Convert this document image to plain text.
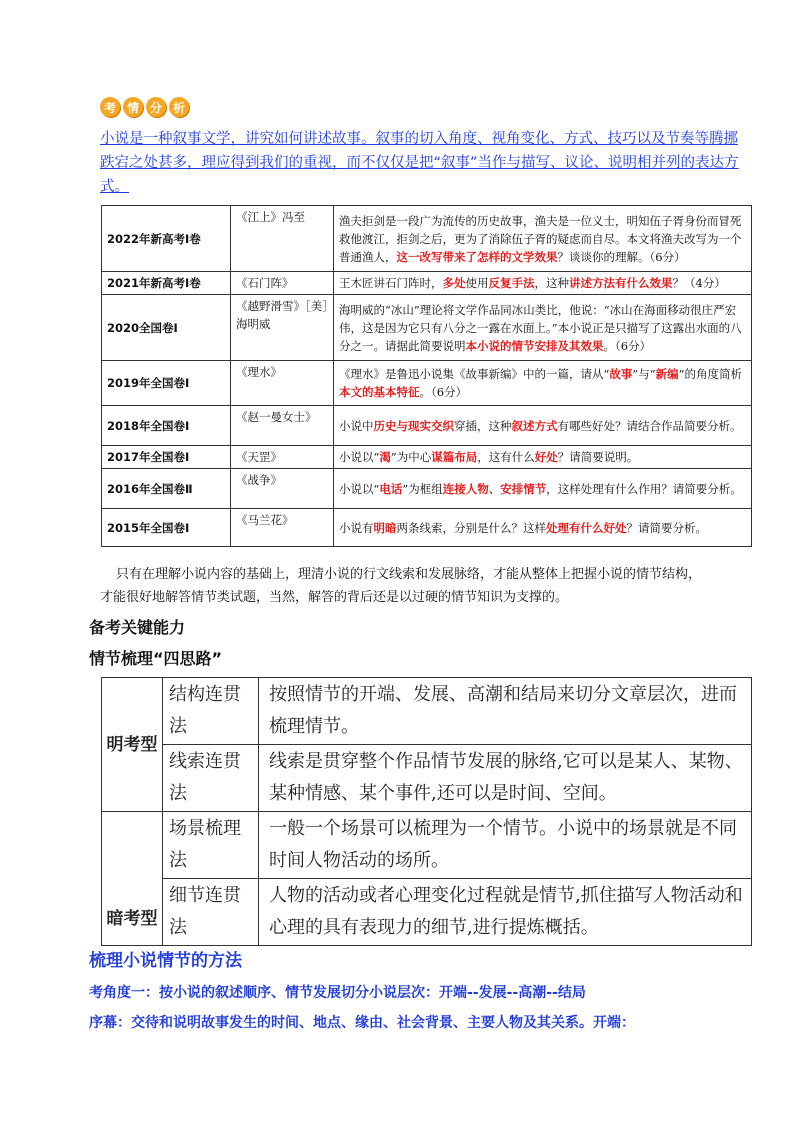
考 情 分 析

小说是一种叙事文学，讲究如何讲述故事。叙事的切入角度、视角变化、方式、技巧以及节奏等腾挪

跌宕之处甚多，理应得到我们的重视，而不仅仅是把“叙事”当作与描写、议论、说明相并列的表达方式。

2022年新高考Ⅰ卷	《江上》冯至	渔夫拒剑是一段广为流传的历史故事，渔夫是一位义士，明知伍子胥身份而冒死救他渡江，拒剑之后，更为了消除伍子胥的疑虑而自尽。本文将渔夫改写为一个普通渔人，这一改写带来了怎样的文学效果？谈谈你的理解。（6分）
2021年新高考Ⅰ卷	《石门阵》	王木匠讲石门阵时，多处使用反复手法，这种讲述方法有什么效果？（4分）
2020全国卷Ⅰ	《越野滑雪》［美］海明威	海明威的“冰山”理论将文学作品同冰山类比，他说：“冰山在海面移动很庄严宏伟，这是因为它只有八分之一露在水面上。”本小说正是只描写了这露出水面的八分之一。请据此简要说明本小说的情节安排及其效果。（6分）
2019年全国卷Ⅰ	《理水》	《理水》是鲁迅小说集《故事新编》中的一篇，请从“故事”与“新编”的角度简析本文的基本特征。（6分）
2018年全国卷Ⅰ	《赵一曼女士》	小说中历史与现实交织穿插，这种叙述方式有哪些好处？请结合作品简要分析。
2017年全国卷Ⅰ	《天罡》	小说以“渴”为中心谋篇布局，这有什么好处？请简要说明。
2016年全国卷Ⅱ	《战争》	小说以“电话”为框组连接人物、安排情节，这样处理有什么作用？请简要分析。
2015年全国卷Ⅰ	《马兰花》	小说有明暗两条线索，分别是什么？这样处理有什么好处？请简要分析。

只有在理解小说内容的基础上，理清小说的行文线索和发展脉络，才能从整体上把握小说的情节结构，

才能很好地解答情节类试题，当然，解答的背后还是以过硬的情节知识为支撑的。

备考关键能力
情节梳理“四思路”
明考型	结构连贯法	按照情节的开端、发展、高潮和结局来切分文章层次，进而梳理情节。
	线索连贯法	线索是贯穿整个作品情节发展的脉络,它可以是某人、某物、某种情感、某个事件,还可以是时间、空间。
暗考型	场景梳理法	一般一个场景可以梳理为一个情节。小说中的场景就是不同时间人物活动的场所。
	细节连贯法	人物的活动或者心理变化过程就是情节,抓住描写人物活动和心理的具有表现力的细节,进行提炼概括。
梳理小说情节的方法
考角度一：按小说的叙述顺序、情节发展切分小说层次：开端--发展--高潮--结局
序幕：交待和说明故事发生的时间、地点、缘由、社会背景、主要人物及其关系。开端：
